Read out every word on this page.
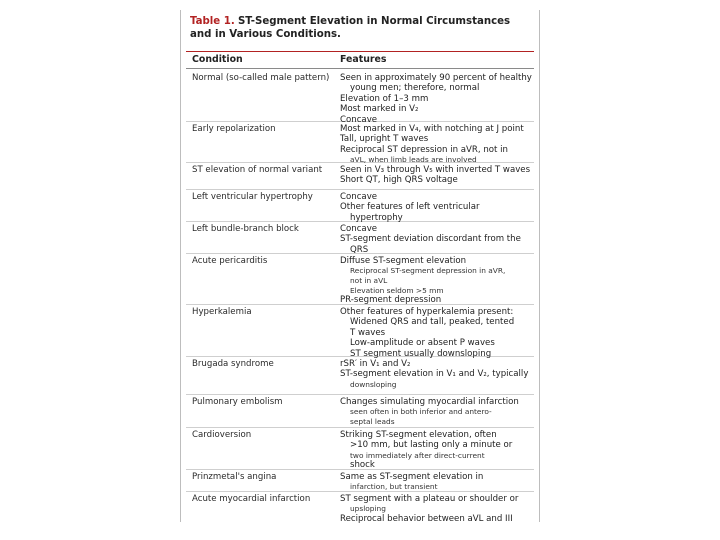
Table 1. ST-Segment Elevation in Normal Circumstances and in Various Conditions.
Condition	Features
Normal (so-called male pattern)	Seen in approximately 90 percent of healthy
young men; therefore, normal
Elevation of 1–3 mm
Most marked in V₂
Concave
Early repolarization	Most marked in V₄, with notching at J point
Tall, upright T waves
Reciprocal ST depression in aVR, not in
aVL, when limb leads are involved
ST elevation of normal variant	Seen in V₃ through V₅ with inverted T waves
Short QT, high QRS voltage
Left ventricular hypertrophy	Concave
Other features of left ventricular
hypertrophy
Left bundle-branch block	Concave
ST-segment deviation discordant from the
QRS
Acute pericarditis	Diffuse ST-segment elevation
Reciprocal ST-segment depression in aVR,
not in aVL
Elevation seldom >5 mm
PR-segment depression
Hyperkalemia	Other features of hyperkalemia present:
Widened QRS and tall, peaked, tented
T waves
Low-amplitude or absent P waves
ST segment usually downsloping
Brugada syndrome	rSR′ in V₁ and V₂
ST-segment elevation in V₁ and V₂, typically
downsloping
Pulmonary embolism	Changes simulating myocardial infarction
seen often in both inferior and antero-
septal leads
Cardioversion	Striking ST-segment elevation, often
>10 mm, but lasting only a minute or
two immediately after direct-current
shock
Prinzmetal's angina	Same as ST-segment elevation in
infarction, but transient
Acute myocardial infarction	ST segment with a plateau or shoulder or
upsloping
Reciprocal behavior between aVL and III
